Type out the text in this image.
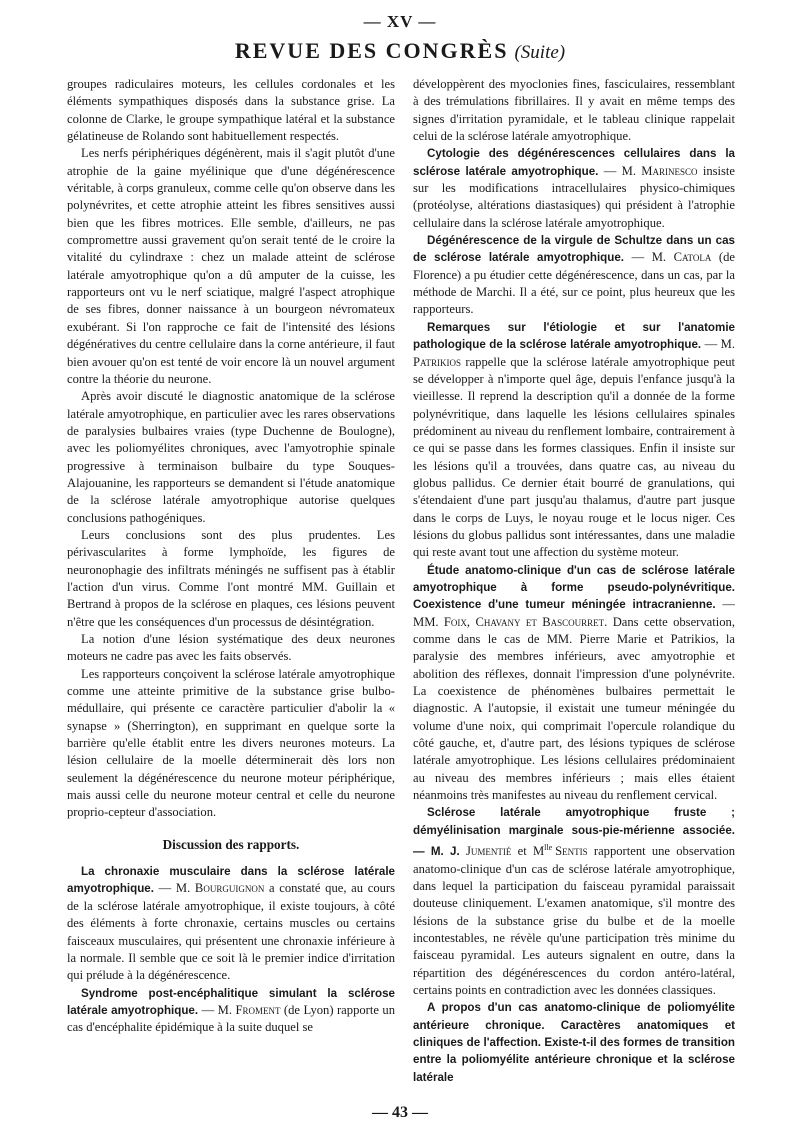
— XV —
REVUE DES CONGRÈS (Suite)

groupes radiculaires moteurs, les cellules cordonales et les éléments sympathiques disposés dans la substance grise. La colonne de Clarke, le groupe sympathique latéral et la substance gélatineuse de Rolando sont habituellement respectés.

Les nerfs périphériques dégénèrent, mais il s'agit plutôt d'une atrophie de la gaine myélinique que d'une dégénérescence véritable, à corps granuleux, comme celle qu'on observe dans les polynévrites, et cette atrophie atteint les fibres sensitives aussi bien que les fibres motrices. Elle semble, d'ailleurs, ne pas compromettre aussi gravement qu'on serait tenté de le croire la vitalité du cylindraxe : chez un malade atteint de sclérose latérale amyotrophique qu'on a dû amputer de la cuisse, les rapporteurs ont vu le nerf sciatique, malgré l'aspect atrophique de ses fibres, donner naissance à un bourgeon névromateux exubérant. Si l'on rapproche ce fait de l'intensité des lésions dégénératives du centre cellulaire dans la corne antérieure, il faut bien avouer qu'on est tenté de voir encore là un nouvel argument contre la théorie du neurone.

Après avoir discuté le diagnostic anatomique de la sclérose latérale amyotrophique, en particulier avec les rares observations de paralysies bulbaires vraies (type Duchenne de Boulogne), avec les poliomyélites chroniques, avec l'amyotrophie spinale progressive à terminaison bulbaire du type Souques-Alajouanine, les rapporteurs se demandent si l'étude anatomique de la sclérose latérale amyotrophique autorise quelques conclusions pathogéniques.

Leurs conclusions sont des plus prudentes. Les périvascularites à forme lymphoïde, les figures de neuronophagie des infiltrats méningés ne suffisent pas à établir l'action d'un virus. Comme l'ont montré MM. Guillain et Bertrand à propos de la sclérose en plaques, ces lésions peuvent n'être que les conséquences d'un processus de désintégration.

La notion d'une lésion systématique des deux neurones moteurs ne cadre pas avec les faits observés.

Les rapporteurs conçoivent la sclérose latérale amyotrophique comme une atteinte primitive de la substance grise bulbo-médullaire, qui présente ce caractère particulier d'abolir la « synapse » (Sherrington), en supprimant en quelque sorte la barrière qu'elle établit entre les divers neurones moteurs. La lésion cellulaire de la moelle déterminerait dès lors non seulement la dégénérescence du neurone moteur périphérique, mais aussi celle du neurone moteur central et celle du neurone proprio-cepteur d'association.

Discussion des rapports.

La chronaxie musculaire dans la sclérose latérale amyotrophique. — M. Bourguignon a constaté que, au cours de la sclérose latérale amyotrophique, il existe toujours, à côté des éléments à forte chronaxie, certains muscles ou certains faisceaux musculaires, qui présentent une chronaxie inférieure à la normale. Il semble que ce soit là le premier indice d'irritation qui prélude à la dégénérescence.

Syndrome post-encéphalitique simulant la sclérose latérale amyotrophique. — M. Froment (de Lyon) rapporte un cas d'encéphalite épidémique à la suite duquel se

développèrent des myoclonies fines, fasciculaires, ressemblant à des trémulations fibrillaires. Il y avait en même temps des signes d'irritation pyramidale, et le tableau clinique rappelait celui de la sclérose latérale amyotrophique.

Cytologie des dégénérescences cellulaires dans la sclérose latérale amyotrophique. — M. Marinesco insiste sur les modifications intracellulaires physico-chimiques (protéolyse, altérations diastasiques) qui président à l'atrophie cellulaire dans la sclérose latérale amyotrophique.

Dégénérescence de la virgule de Schultze dans un cas de sclérose latérale amyotrophique. — M. Catola (de Florence) a pu étudier cette dégénérescence, dans un cas, par la méthode de Marchi. Il a été, sur ce point, plus heureux que les rapporteurs.

Remarques sur l'étiologie et sur l'anatomie pathologique de la sclérose latérale amyotrophique. — M. Patrikios rappelle que la sclérose latérale amyotrophique peut se développer à n'importe quel âge, depuis l'enfance jusqu'à la vieillesse. Il reprend la description qu'il a donnée de la forme polynévritique, dans laquelle les lésions cellulaires spinales prédominent au niveau du renflement lombaire, contrairement à ce qui se passe dans les formes classiques. Enfin il insiste sur les lésions qu'il a trouvées, dans quatre cas, au niveau du globus pallidus. Ce dernier était bourré de granulations, qui s'étendaient d'une part jusqu'au thalamus, d'autre part jusque dans le corps de Luys, le noyau rouge et le locus niger. Ces lésions du globus pallidus sont intéressantes, dans une maladie qui reste avant tout une affection du système moteur.

Étude anatomo-clinique d'un cas de sclérose latérale amyotrophique à forme pseudo-polynévritique. Coexistence d'une tumeur méningée intracranienne. —MM. Foix, Chavany et Bascourret. Dans cette observation, comme dans le cas de MM. Pierre Marie et Patrikios, la paralysie des membres inférieurs, avec amyotrophie et abolition des réflexes, donnait l'impression d'une polynévrite. La coexistence de phénomènes bulbaires permettait le diagnostic. A l'autopsie, il existait une tumeur méningée du volume d'une noix, qui comprimait l'opercule rolandique du côté gauche, et, d'autre part, des lésions typiques de sclérose latérale amyotrophique. Les lésions cellulaires prédominaient au niveau des membres inférieurs ; mais elles étaient néanmoins très manifestes au niveau du renflement cervical.

Sclérose latérale amyotrophique fruste ; démyélinisation marginale sous-pie-mérienne associée. — M. J. Jumentié et $M^{lle}$ Sentis rapportent une observation anatomo-clinique d'un cas de sclérose latérale amyotrophique, dans lequel la participation du faisceau pyramidal paraissait douteuse cliniquement. L'examen anatomique, s'il montre des lésions de la substance grise du bulbe et de la moelle incontestables, ne révèle qu'une participation très minime du faisceau pyramidal. Les auteurs signalent en outre, dans la répartition des dégénérescences du cordon antéro-latéral, certains points en contradiction avec les données classiques.

A propos d'un cas anatomo-clinique de poliomyélite antérieure chronique. Caractères anatomiques et cliniques de l'affection. Existe-t-il des formes de transition entre la poliomyélite antérieure chronique et la sclérose latérale

— 43 —
